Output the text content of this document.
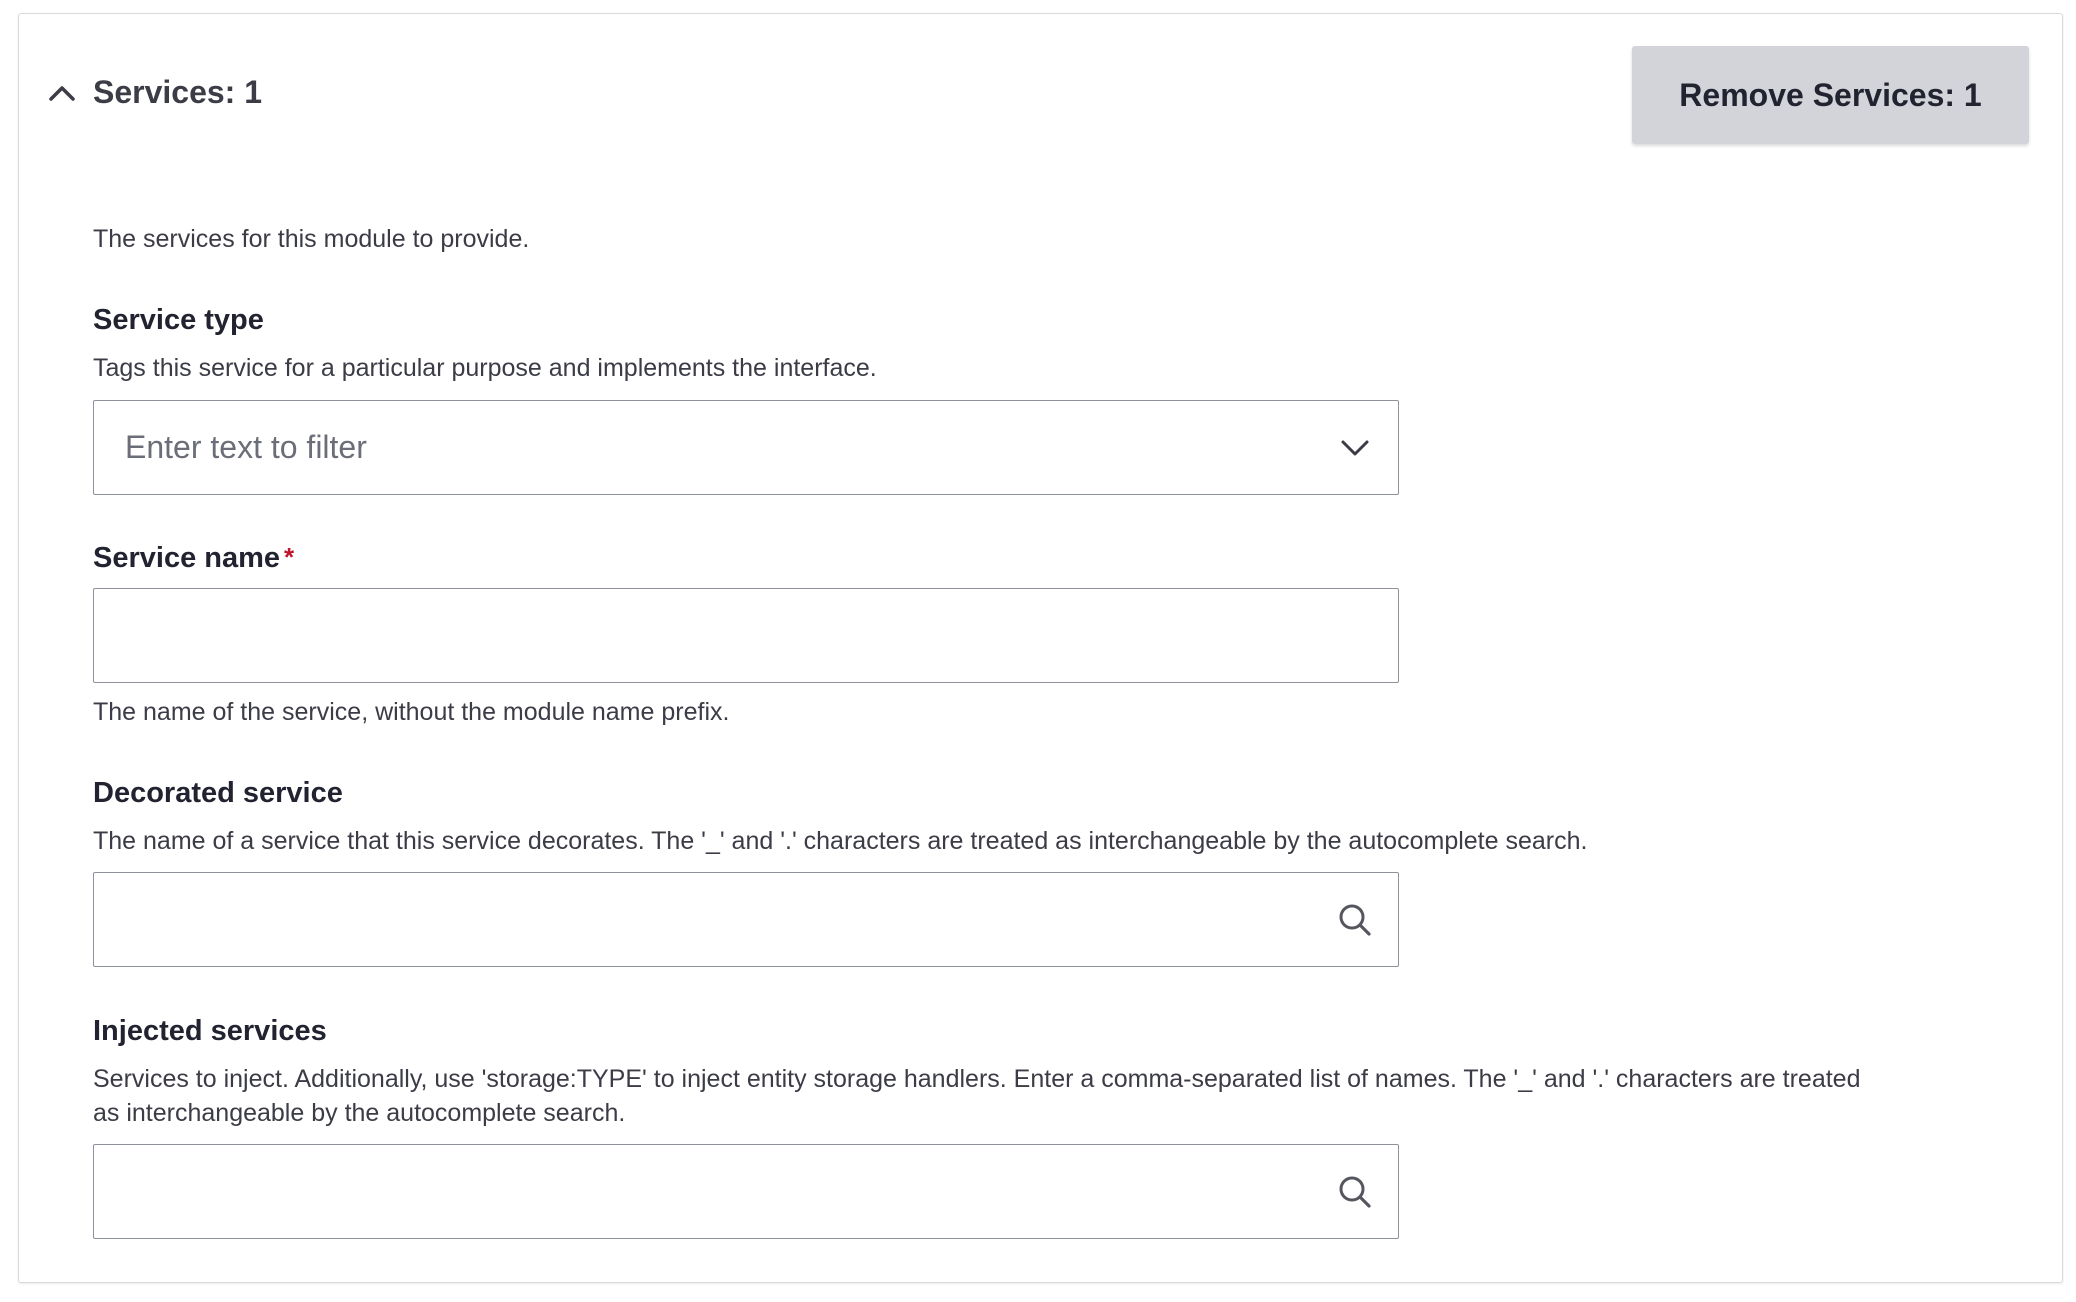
Services: 1	Remove Services: 1
The services for this module to provide.
Service type
Tags this service for a particular purpose and implements the interface.
Enter text to filter
Service name *
The name of the service, without the module name prefix.
Decorated service
The name of a service that this service decorates. The '_' and '.' characters are treated as interchangeable by the autocomplete search.
Injected services
Services to inject. Additionally, use 'storage:TYPE' to inject entity storage handlers. Enter a comma-separated list of names. The '_' and '.' characters are treated
as interchangeable by the autocomplete search.
